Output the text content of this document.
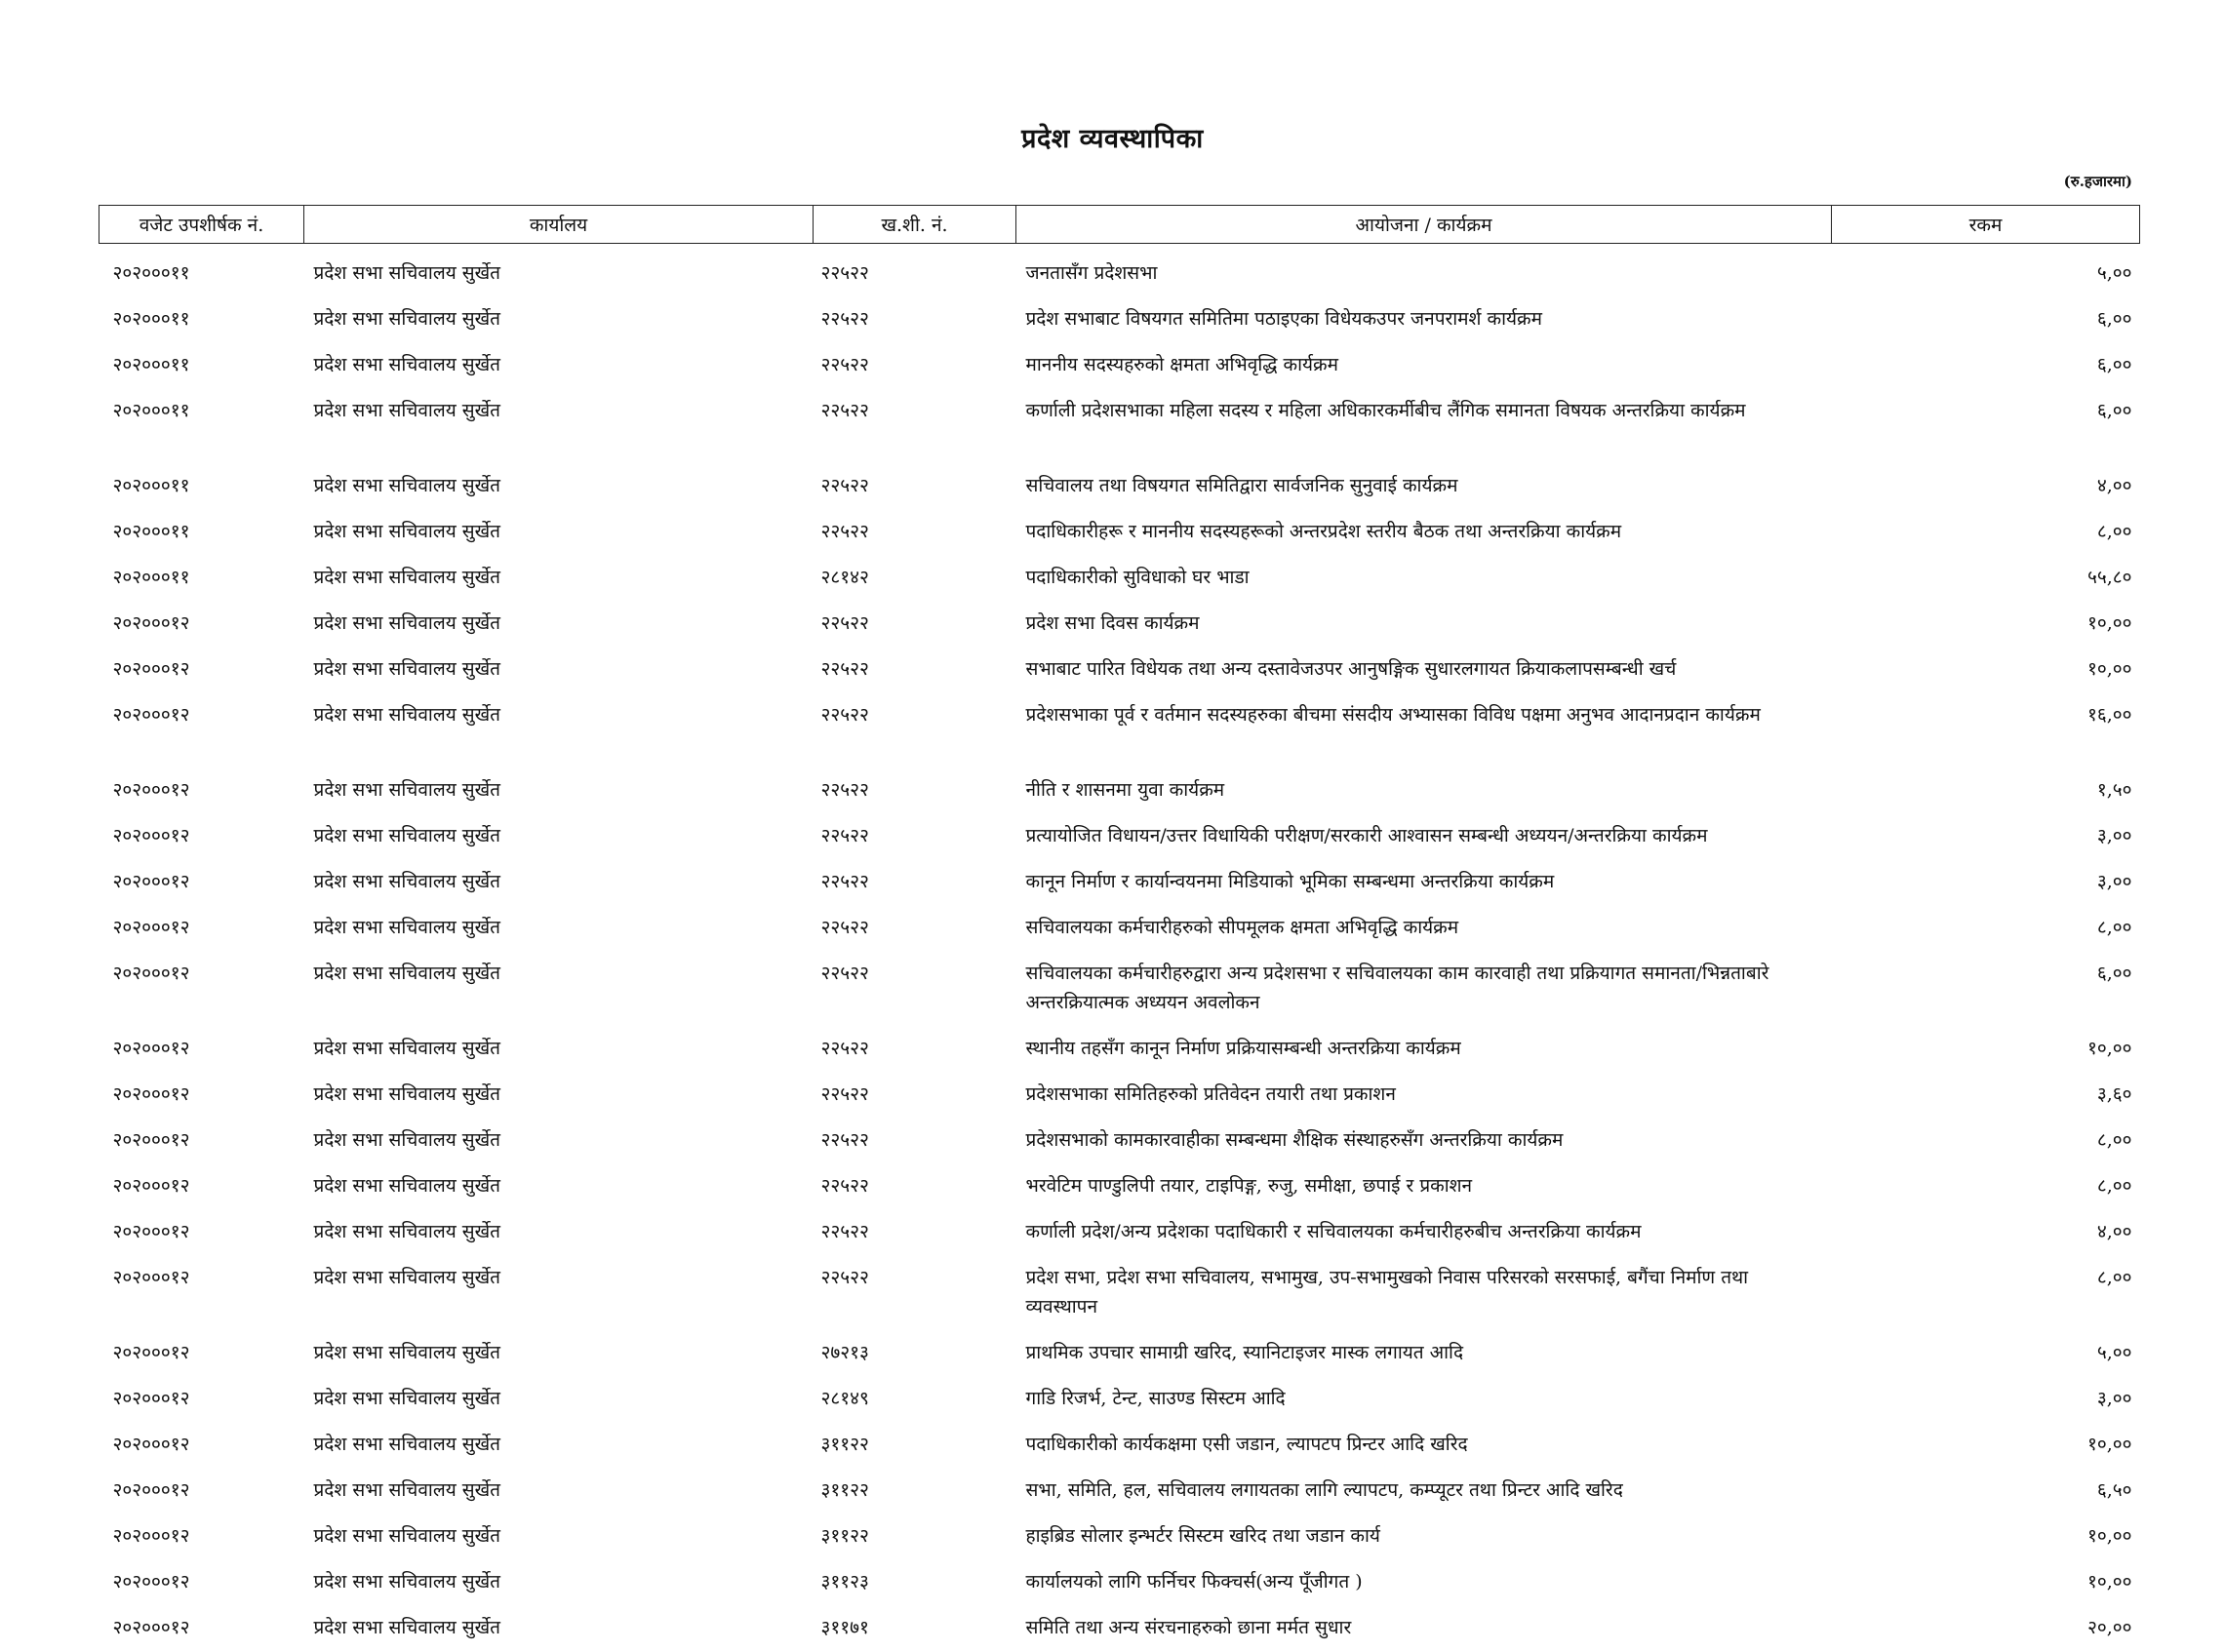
प्रदेश व्यवस्थापिका
(रु.हजारमा)
वजेट उपशीर्षक नं.	कार्यालय	ख.शी. नं.	आयोजना / कार्यक्रम	रकम

२०२०००११	प्रदेश सभा सचिवालय सुर्खेत	२२५२२	जनतासँग प्रदेशसभा	५,००
२०२०००११	प्रदेश सभा सचिवालय सुर्खेत	२२५२२	प्रदेश सभाबाट विषयगत समितिमा पठाइएका विधेयकउपर जनपरामर्श कार्यक्रम	६,००
२०२०००११	प्रदेश सभा सचिवालय सुर्खेत	२२५२२	माननीय सदस्यहरुको क्षमता अभिवृद्धि कार्यक्रम	६,००
२०२०००११	प्रदेश सभा सचिवालय सुर्खेत	२२५२२	कर्णाली प्रदेशसभाका महिला सदस्य र महिला अधिकारकर्मीबीच लैंगिक समानता विषयक अन्तरक्रिया कार्यक्रम	६,००
२०२०००११	प्रदेश सभा सचिवालय सुर्खेत	२२५२२	सचिवालय तथा विषयगत समितिद्वारा सार्वजनिक सुनुवाई कार्यक्रम	४,००
२०२०००११	प्रदेश सभा सचिवालय सुर्खेत	२२५२२	पदाधिकारीहरू र माननीय सदस्यहरूको अन्तरप्रदेश स्तरीय बैठक तथा अन्तरक्रिया कार्यक्रम	८,००
२०२०००११	प्रदेश सभा सचिवालय सुर्खेत	२८१४२	पदाधिकारीको सुविधाको घर भाडा	५५,८०
२०२०००१२	प्रदेश सभा सचिवालय सुर्खेत	२२५२२	प्रदेश सभा दिवस कार्यक्रम	१०,००
२०२०००१२	प्रदेश सभा सचिवालय सुर्खेत	२२५२२	सभाबाट पारित विधेयक तथा अन्य दस्तावेजउपर आनुषङ्गिक सुधारलगायत क्रियाकलापसम्बन्धी खर्च	१०,००
२०२०००१२	प्रदेश सभा सचिवालय सुर्खेत	२२५२२	प्रदेशसभाका पूर्व र वर्तमान सदस्यहरुका बीचमा संसदीय अभ्यासका विविध पक्षमा अनुभव आदानप्रदान कार्यक्रम	१६,००
२०२०००१२	प्रदेश सभा सचिवालय सुर्खेत	२२५२२	नीति र शासनमा युवा कार्यक्रम	१,५०
२०२०००१२	प्रदेश सभा सचिवालय सुर्खेत	२२५२२	प्रत्यायोजित विधायन/उत्तर विधायिकी परीक्षण/सरकारी आश्वासन सम्बन्धी अध्ययन/अन्तरक्रिया कार्यक्रम	३,००
२०२०००१२	प्रदेश सभा सचिवालय सुर्खेत	२२५२२	कानून निर्माण र कार्यान्वयनमा मिडियाको भूमिका सम्बन्धमा अन्तरक्रिया कार्यक्रम	३,००
२०२०००१२	प्रदेश सभा सचिवालय सुर्खेत	२२५२२	सचिवालयका कर्मचारीहरुको सीपमूलक क्षमता अभिवृद्धि कार्यक्रम	८,००
२०२०००१२	प्रदेश सभा सचिवालय सुर्खेत	२२५२२	सचिवालयका कर्मचारीहरुद्वारा अन्य प्रदेशसभा र सचिवालयका काम कारवाही तथा प्रक्रियागत समानता/भिन्नताबारे अन्तरक्रियात्मक अध्ययन अवलोकन	६,००
२०२०००१२	प्रदेश सभा सचिवालय सुर्खेत	२२५२२	स्थानीय तहसँग कानून निर्माण प्रक्रियासम्बन्धी अन्तरक्रिया कार्यक्रम	१०,००
२०२०००१२	प्रदेश सभा सचिवालय सुर्खेत	२२५२२	प्रदेशसभाका समितिहरुको प्रतिवेदन तयारी तथा प्रकाशन	३,६०
२०२०००१२	प्रदेश सभा सचिवालय सुर्खेत	२२५२२	प्रदेशसभाको कामकारवाहीका सम्बन्धमा शैक्षिक संस्थाहरुसँग अन्तरक्रिया कार्यक्रम	८,००
२०२०००१२	प्रदेश सभा सचिवालय सुर्खेत	२२५२२	भरवेटिम पाण्डुलिपी तयार, टाइपिङ्ग, रुजु, समीक्षा, छपाई र प्रकाशन	८,००
२०२०००१२	प्रदेश सभा सचिवालय सुर्खेत	२२५२२	कर्णाली प्रदेश/अन्य प्रदेशका पदाधिकारी र सचिवालयका कर्मचारीहरुबीच अन्तरक्रिया कार्यक्रम	४,००
२०२०००१२	प्रदेश सभा सचिवालय सुर्खेत	२२५२२	प्रदेश सभा, प्रदेश सभा सचिवालय, सभामुख, उप-सभामुखको निवास परिसरको सरसफाई, बगैंचा निर्माण तथा व्यवस्थापन	८,००
२०२०००१२	प्रदेश सभा सचिवालय सुर्खेत	२७२१३	प्राथमिक उपचार सामाग्री खरिद, स्यानिटाइजर मास्क लगायत आदि	५,००
२०२०००१२	प्रदेश सभा सचिवालय सुर्खेत	२८१४९	गाडि रिजर्भ, टेन्ट, साउण्ड सिस्टम आदि	३,००
२०२०००१२	प्रदेश सभा सचिवालय सुर्खेत	३११२२	पदाधिकारीको कार्यकक्षमा एसी जडान, ल्यापटप प्रिन्टर आदि खरिद	१०,००
२०२०००१२	प्रदेश सभा सचिवालय सुर्खेत	३११२२	सभा, समिति, हल, सचिवालय लगायतका लागि ल्यापटप, कम्प्यूटर तथा प्रिन्टर आदि खरिद	६,५०
२०२०००१२	प्रदेश सभा सचिवालय सुर्खेत	३११२२	हाइब्रिड सोलार इन्भर्टर सिस्टम खरिद तथा जडान कार्य	१०,००
२०२०००१२	प्रदेश सभा सचिवालय सुर्खेत	३११२३	कार्यालयको लागि फर्निचर फिक्चर्स(अन्य पूँजीगत )	१०,००
२०२०००१२	प्रदेश सभा सचिवालय सुर्खेत	३११७१	समिति तथा अन्य संरचनाहरुको छाना मर्मत सुधार	२०,००
